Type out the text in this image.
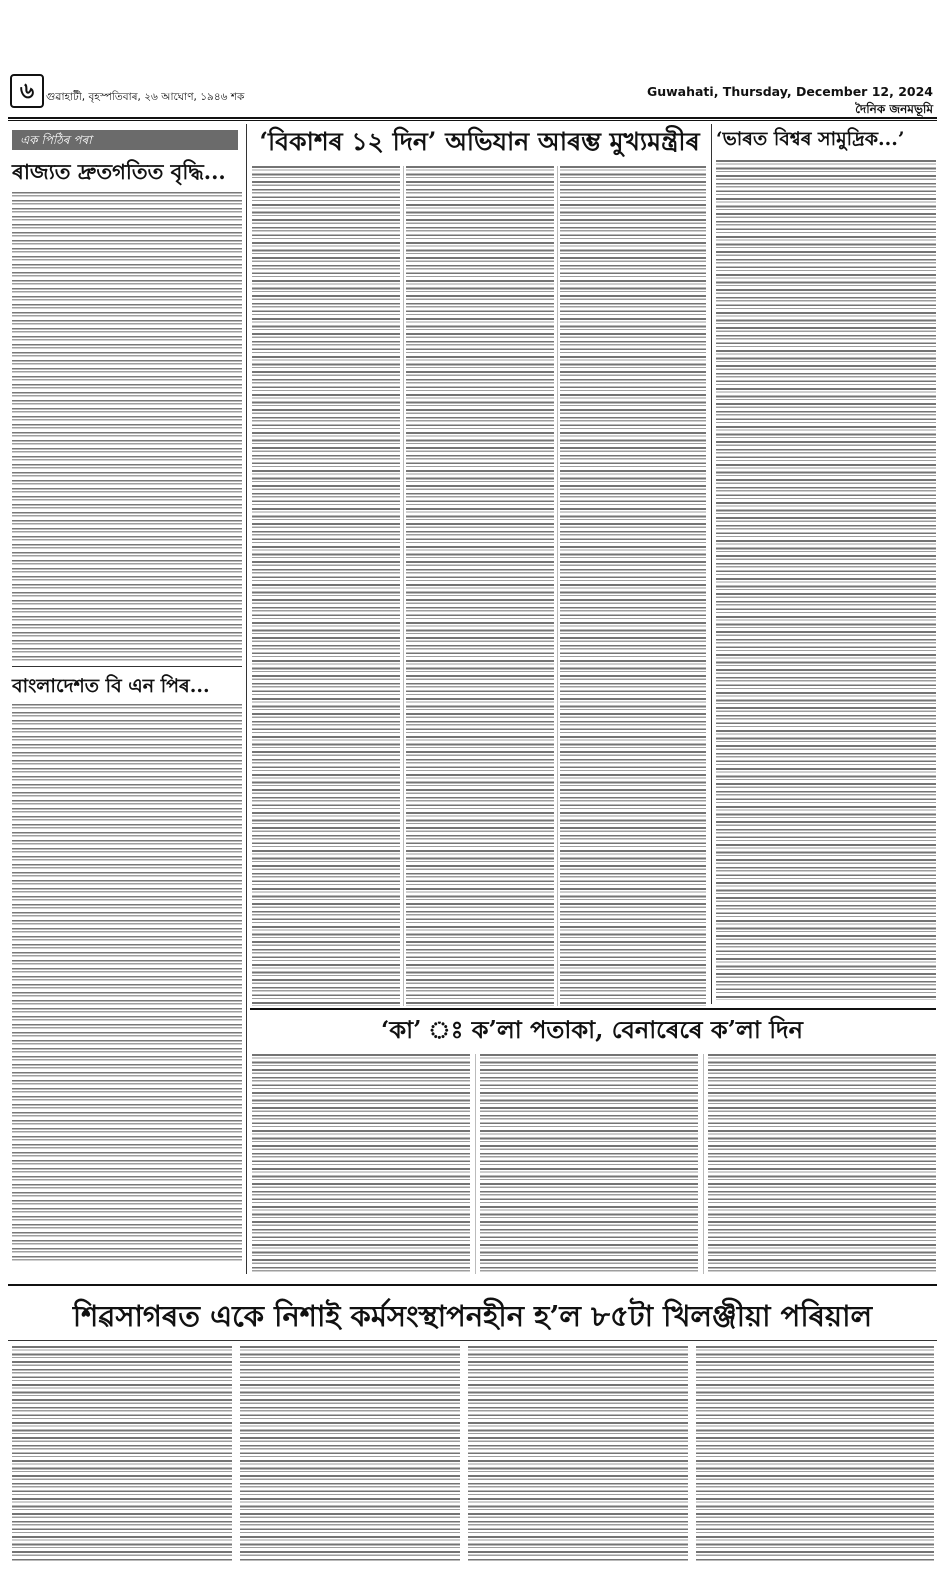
৬	গুৱাহাটী, বৃহস্পতিবাৰ, ২৬ আঘোণ, ১৯৪৬ শক	Guwahati, Thursday, December 12, 2024
দৈনিক জনমভূমি
এক পিঠিৰ পৰা
ৰাজ্যত দ্রুতগতিত বৃদ্ধি...
বাংলাদেশত বি এন পিৰ...
‘বিকাশৰ ১২ দিন’ অভিযান আৰম্ভ মুখ্যমন্ত্ৰীৰ ‘ভাৰত বিশ্বৰ সামুদ্ৰিক...’
‘কা’ ঃ ক’লা পতাকা, বেনাৰেৰে ক’লা দিন
শিৱসাগৰত একে নিশাই কৰ্মসংস্থাপনহীন হ’ল ৮৫টা খিলঞ্জীয়া পৰিয়াল
